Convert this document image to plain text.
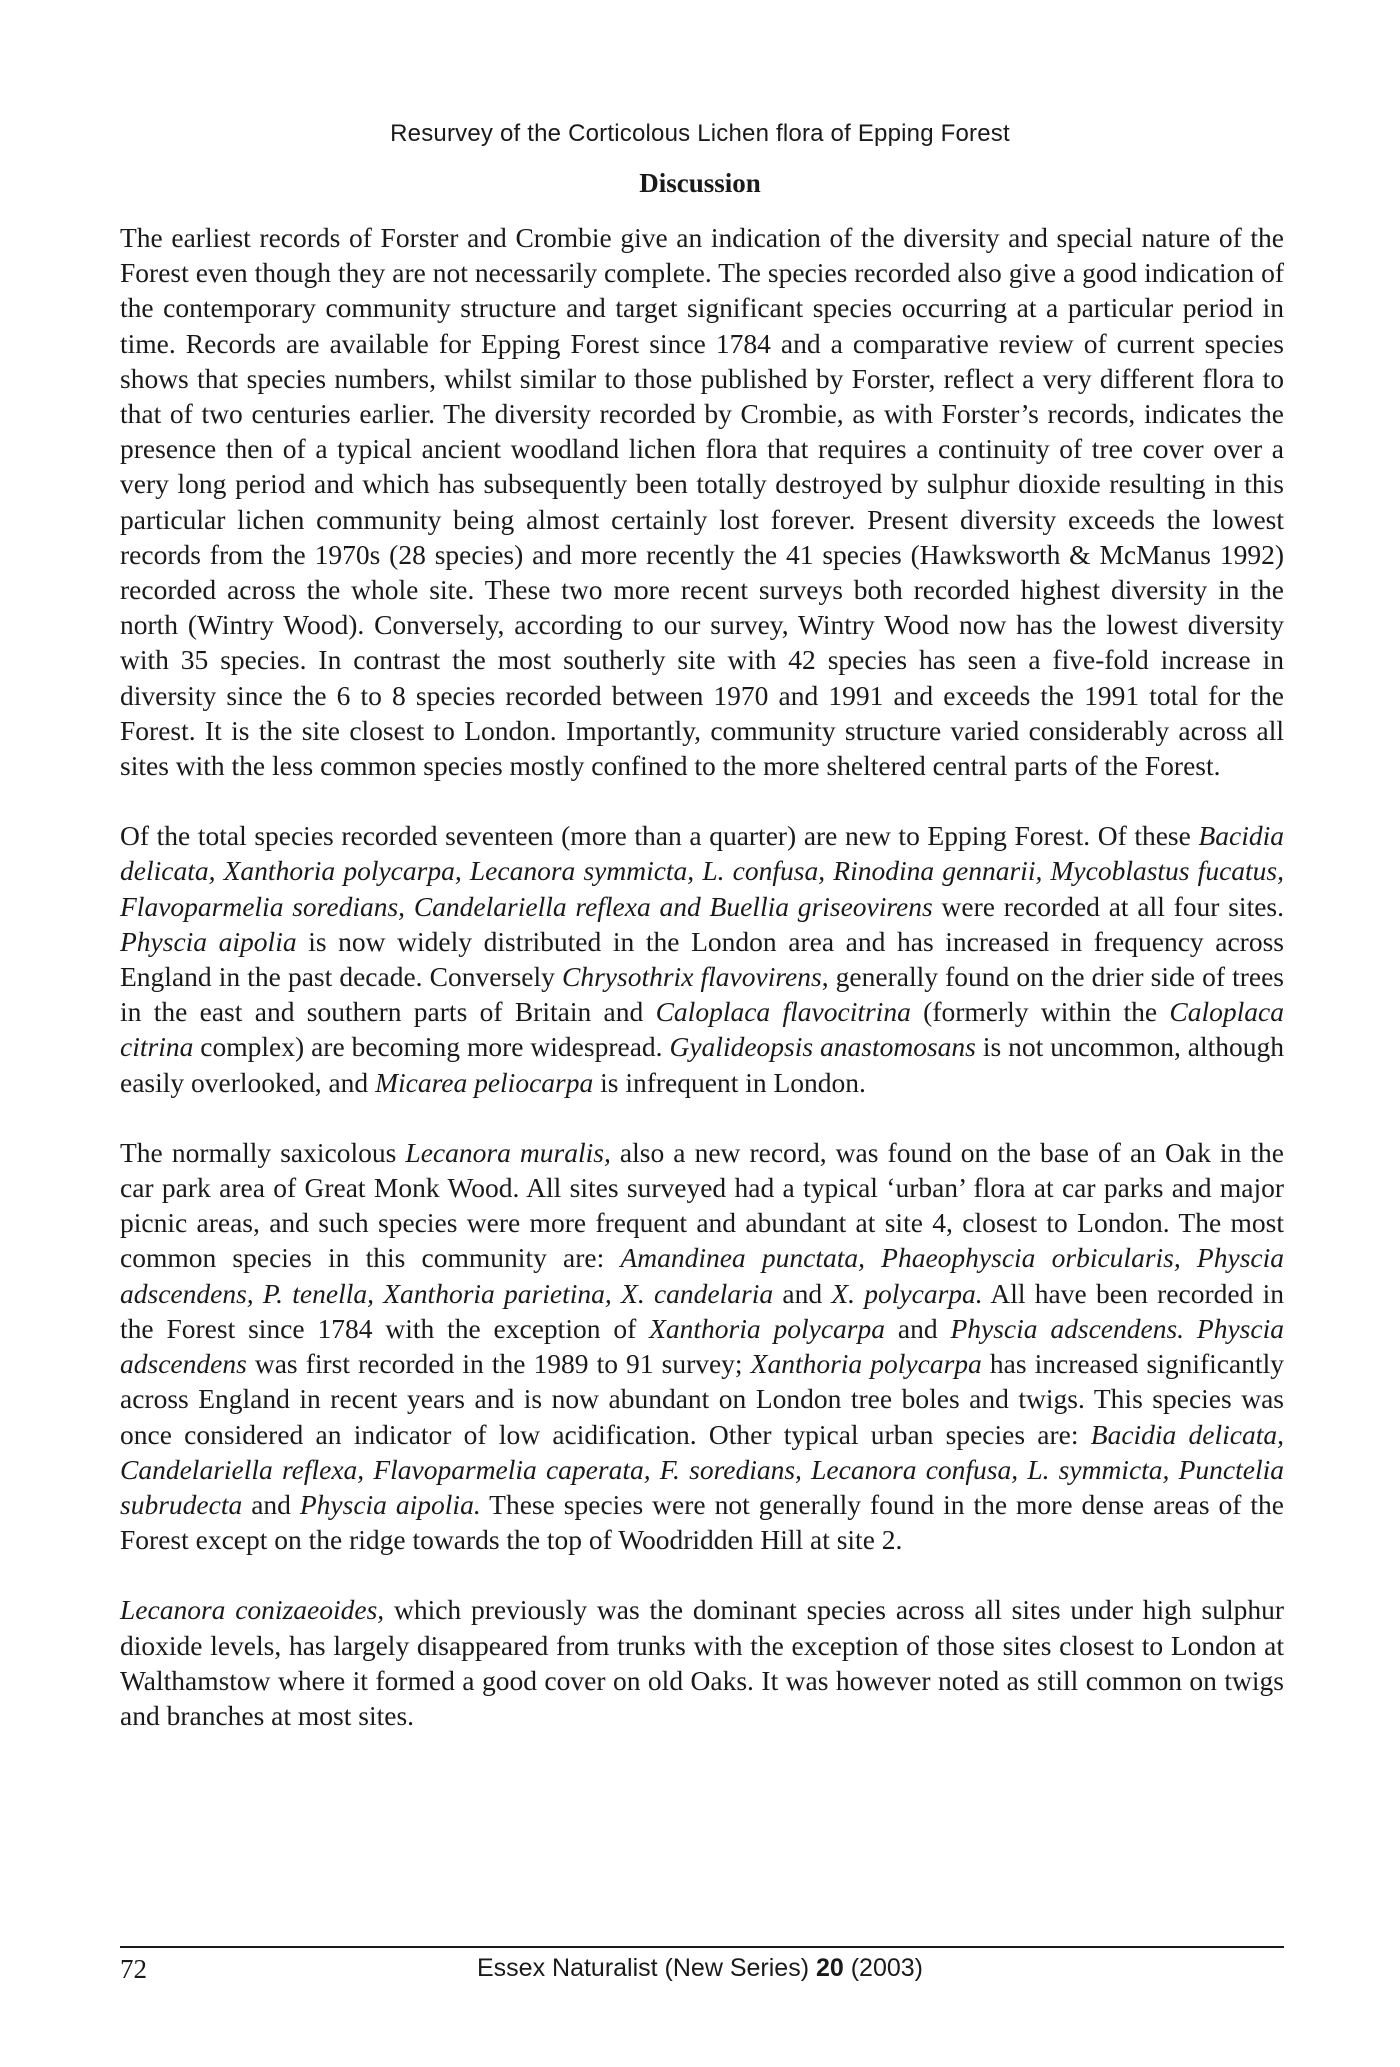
Resurvey of the Corticolous Lichen flora of Epping Forest
Discussion

The earliest records of Forster and Crombie give an indication of the diversity and special nature of the Forest even though they are not necessarily complete. The species recorded also give a good indication of the contemporary community structure and target significant species occurring at a particular period in time. Records are available for Epping Forest since 1784 and a comparative review of current species shows that species numbers, whilst similar to those published by Forster, reflect a very different flora to that of two centuries earlier. The diversity recorded by Crombie, as with Forster’s records, indicates the presence then of a typical ancient woodland lichen flora that requires a continuity of tree cover over a very long period and which has subsequently been totally destroyed by sulphur dioxide resulting in this particular lichen community being almost certainly lost forever. Present diversity exceeds the lowest records from the 1970s (28 species) and more recently the 41 species (Hawksworth & McManus 1992) recorded across the whole site. These two more recent surveys both recorded highest diversity in the north (Wintry Wood). Conversely, according to our survey, Wintry Wood now has the lowest diversity with 35 species. In contrast the most southerly site with 42 species has seen a five-fold increase in diversity since the 6 to 8 species recorded between 1970 and 1991 and exceeds the 1991 total for the Forest. It is the site closest to London. Importantly, community structure varied considerably across all sites with the less common species mostly confined to the more sheltered central parts of the Forest.

Of the total species recorded seventeen (more than a quarter) are new to Epping Forest. Of these Bacidia delicata, Xanthoria polycarpa, Lecanora symmicta, L. confusa, Rinodina gennarii, Mycoblastus fucatus, Flavoparmelia soredians, Candelariella reflexa and Buellia griseovirens were recorded at all four sites. Physcia aipolia is now widely distributed in the London area and has increased in frequency across England in the past decade. Conversely Chrysothrix flavovirens, generally found on the drier side of trees in the east and southern parts of Britain and Caloplaca flavocitrina (formerly within the Caloplaca citrina complex) are becoming more widespread. Gyalideopsis anastomosans is not uncommon, although easily overlooked, and Micarea peliocarpa is infrequent in London.

The normally saxicolous Lecanora muralis, also a new record, was found on the base of an Oak in the car park area of Great Monk Wood. All sites surveyed had a typical ‘urban’ flora at car parks and major picnic areas, and such species were more frequent and abundant at site 4, closest to London. The most common species in this community are: Amandinea punctata, Phaeophyscia orbicularis, Physcia adscendens, P. tenella, Xanthoria parietina, X. candelaria and X. polycarpa. All have been recorded in the Forest since 1784 with the exception of Xanthoria polycarpa and Physcia adscendens. Physcia adscendens was first recorded in the 1989 to 91 survey; Xanthoria polycarpa has increased significantly across England in recent years and is now abundant on London tree boles and twigs. This species was once considered an indicator of low acidification. Other typical urban species are: Bacidia delicata, Candelariella reflexa, Flavoparmelia caperata, F. soredians, Lecanora confusa, L. symmicta, Punctelia subrudecta and Physcia aipolia. These species were not generally found in the more dense areas of the Forest except on the ridge towards the top of Woodridden Hill at site 2.

Lecanora conizaeoides, which previously was the dominant species across all sites under high sulphur dioxide levels, has largely disappeared from trunks with the exception of those sites closest to London at Walthamstow where it formed a good cover on old Oaks. It was however noted as still common on twigs and branches at most sites.

72	Essex Naturalist (New Series) 20 (2003)
